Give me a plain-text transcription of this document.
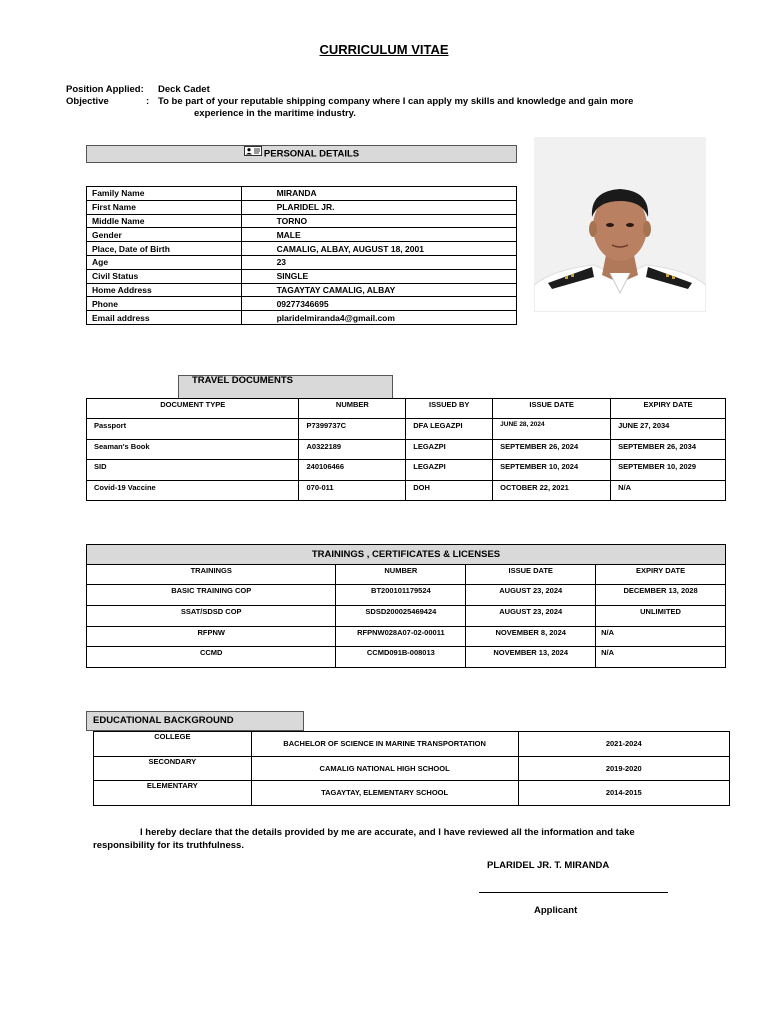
CURRICULUM VITAE
Position Applied: Deck Cadet
Objective	: To be part of your reputable shipping company where I can apply my skills and knowledge and gain more
experience in the maritime industry.
PERSONAL DETAILS
Family Name	MIRANDA
First Name	PLARIDEL JR.
Middle Name	TORNO
Gender	MALE
Place, Date of Birth	CAMALIG, ALBAY, AUGUST 18, 2001
Age	23
Civil Status	SINGLE
Home Address	TAGAYTAY CAMALIG, ALBAY
Phone	09277346695
Email address	plaridelmiranda4@gmail.com
TRAVEL DOCUMENTS
DOCUMENT TYPE	NUMBER	ISSUED BY	ISSUE DATE	EXPIRY DATE
Passport	P7399737C	DFA LEGAZPI	JUNE 28, 2024	JUNE 27, 2034
Seaman's Book	A0322189	LEGAZPI	SEPTEMBER 26, 2024	SEPTEMBER 26, 2034
SID	240106466	LEGAZPI	SEPTEMBER 10, 2024	SEPTEMBER 10, 2029
Covid-19 Vaccine	070-011	DOH	OCTOBER 22, 2021	N/A
TRAININGS , CERTIFICATES & LICENSES			
TRAININGS	NUMBER	ISSUE DATE	EXPIRY DATE
BASIC TRAINING COP	BT200101179524	AUGUST 23, 2024	DECEMBER 13, 2028
SSAT/SDSD COP	SDSD200025469424	AUGUST 23, 2024	UNLIMITED
RFPNW	RFPNW028A07-02-00011	NOVEMBER 8, 2024	N/A
CCMD	CCMD091B-008013	NOVEMBER 13, 2024	N/A
EDUCATIONAL BACKGROUND
COLLEGE	BACHELOR OF SCIENCE IN MARINE TRANSPORTATION	2021-2024
SECONDARY	CAMALIG NATIONAL HIGH SCHOOL	2019-2020
ELEMENTARY	TAGAYTAY, ELEMENTARY SCHOOL	2014-2015
I hereby declare that the details provided by me are accurate, and I have reviewed all the information and take
responsibility for its truthfulness.
PLARIDEL JR. T. MIRANDA
Applicant
